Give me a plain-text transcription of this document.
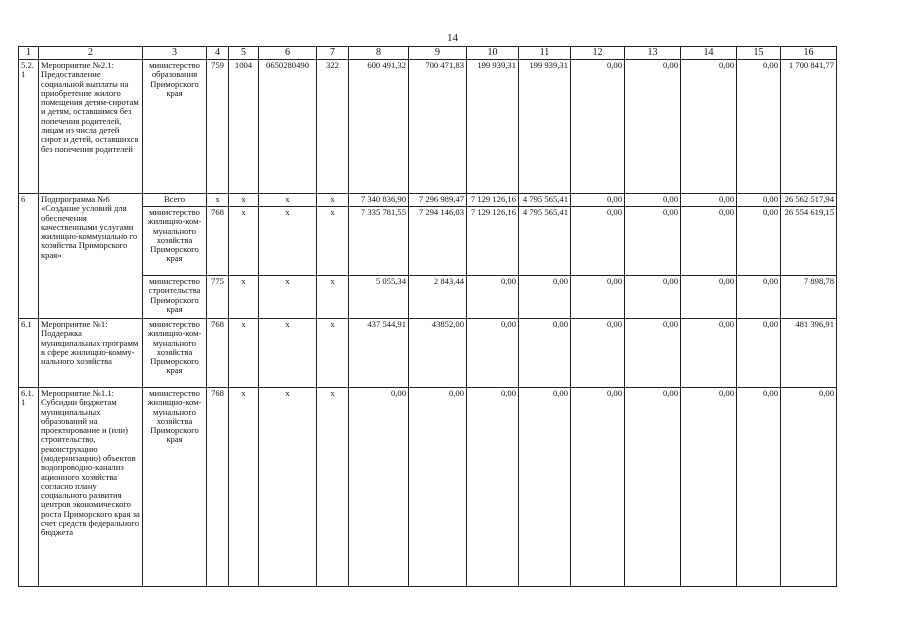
14
1	2	3	4	5	6	7	8	9	10	11	12	13	14	15	16
5.2.1	Мероприятие №2.1: Предоставление социальной выплаты на приобретение жилого помещения детям-сиротам и детям, оставшимся без попечения родителей, лицам из числа детей сирот и детей, оставшихся без попечения родителей	министерство образования Приморского края	759	1004	0650280490	322	600 491,32	700 471,83	199 939,31	199 939,31	0,00	0,00	0,00	0,00	1 700 841,77
6	Подпрограмма №6 «Создание условий для обеспечения качественными услугами жилищно-коммунально го хозяйства Приморского края»	Всего	х	х	х	х	7 340 836,90	7 296 989,47	7 129 126,16	4 795 565,41	0,00	0,00	0,00	0,00	26 562 517,94
		министерство жилищно-ком-мунального хозяйства Приморского края	768	х	х	х	7 335 781,55	7 294 146,03	7 129 126,16	4 795 565,41	0,00	0,00	0,00	0,00	26 554 619,15
		министерство строительства Приморского края	775	х	х	х	5 055,34	2 843,44	0,00	0,00	0,00	0,00	0,00	0,00	7 898,78
6.1	Мероприятие №1: Поддержка муниципальных программ в сфере жилищно-комму-нального хозяйства	министерство жилищно-ком-мунального хозяйства Приморского края	768	х	х	х	437 544,91	43852,00	0,00	0,00	0,00	0,00	0,00	0,00	481 396,91
6.1.1	Мероприятие №1.1: Субсидии бюджетам муниципальных образований на проектирование и (или) строительство, реконструкцию (модернизацию) объектов водопроводно-канализ ационного хозяйства согласно плану социального развития центров экономического роста Приморского края за счет средств федерального бюджета	министерство жилищно-ком-мунального хозяйства Приморского края	768	х	х	х	0,00	0,00	0,00	0,00	0,00	0,00	0,00	0,00	0,00
